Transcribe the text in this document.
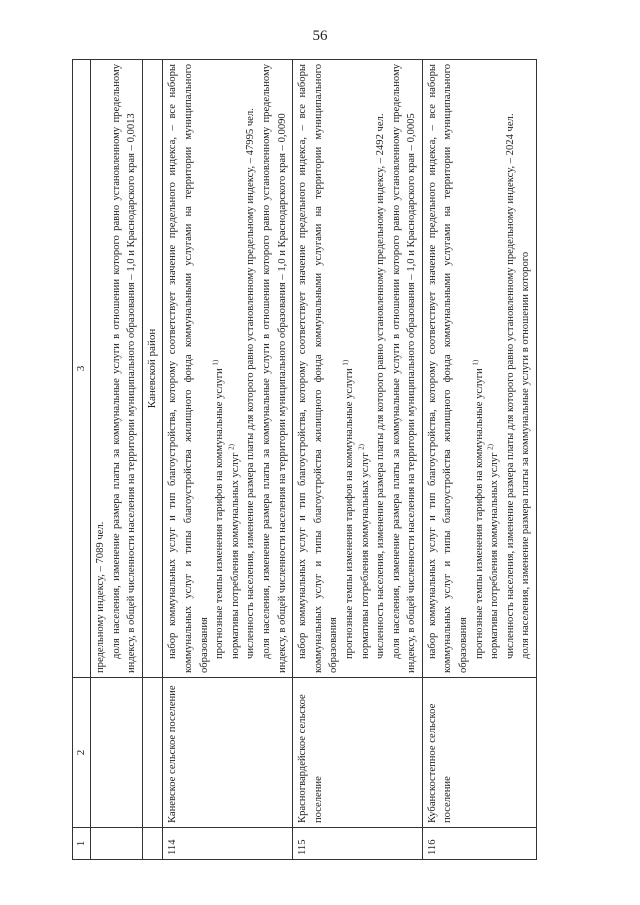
56
1	2	3

		предельному индексу, – 7089 чел. доля населения, изменение размера платы за коммунальные услуги в отношении которого равно установленному предельному индексу, в общей численности населения на территории муниципального образования – 1,0 и Краснодарского края – 0,0013

		Каневской район
114	Каневское сельское поселение	набор коммунальных услуг и тип благоустройства, которому соответствует значение предельного индекса, – все наборы коммунальных услуг и типы благоустройства жилищного фонда коммунальными услугами на территории муниципального образования прогнозные темпы изменения тарифов на коммунальные услуги $^{1)}$
нормативы потребления коммунальных услуг $^{2)}$ численность населения, изменение размера платы для которого равно установленному предельному индексу, – 47995 чел. доля населения, изменение размера платы за коммунальные услуги в отношении которого равно установленному предельному индексу, в общей численности населения на территории муниципального образования – 1,0 и Краснодарского края – 0,0090

115	Красногвардейское сельское поселение	набор коммунальных услуг и тип благоустройства, которому соответствует значение предельного индекса, – все наборы коммунальных услуг и типы благоустройства жилищного фонда коммунальными услугами на территории муниципального образования прогнозные темпы изменения тарифов на коммунальные услуги $^{1)}$
нормативы потребления коммунальных услуг $^{2)}$ численность населения, изменение размера платы для которого равно установленному предельному индексу, – 2492 чел. доля населения, изменение размера платы за коммунальные услуги в отношении которого равно установленному предельному индексу, в общей численности населения на территории муниципального образования – 1,0 и Краснодарского края – 0,0005

116	Кубанскостепное сельское поселение	набор коммунальных услуг и тип благоустройства, которому соответствует значение предельного индекса, – все наборы коммунальных услуг и типы благоустройства жилищного фонда коммунальными услугами на территории муниципального образования прогнозные темпы изменения тарифов на коммунальные услуги $^{1)}$
нормативы потребления коммунальных услуг $^{2)}$ численность населения, изменение размера платы для которого равно установленному предельному индексу, – 2024 чел. доля населения, изменение размера платы за коммунальные услуги в отношении которого
